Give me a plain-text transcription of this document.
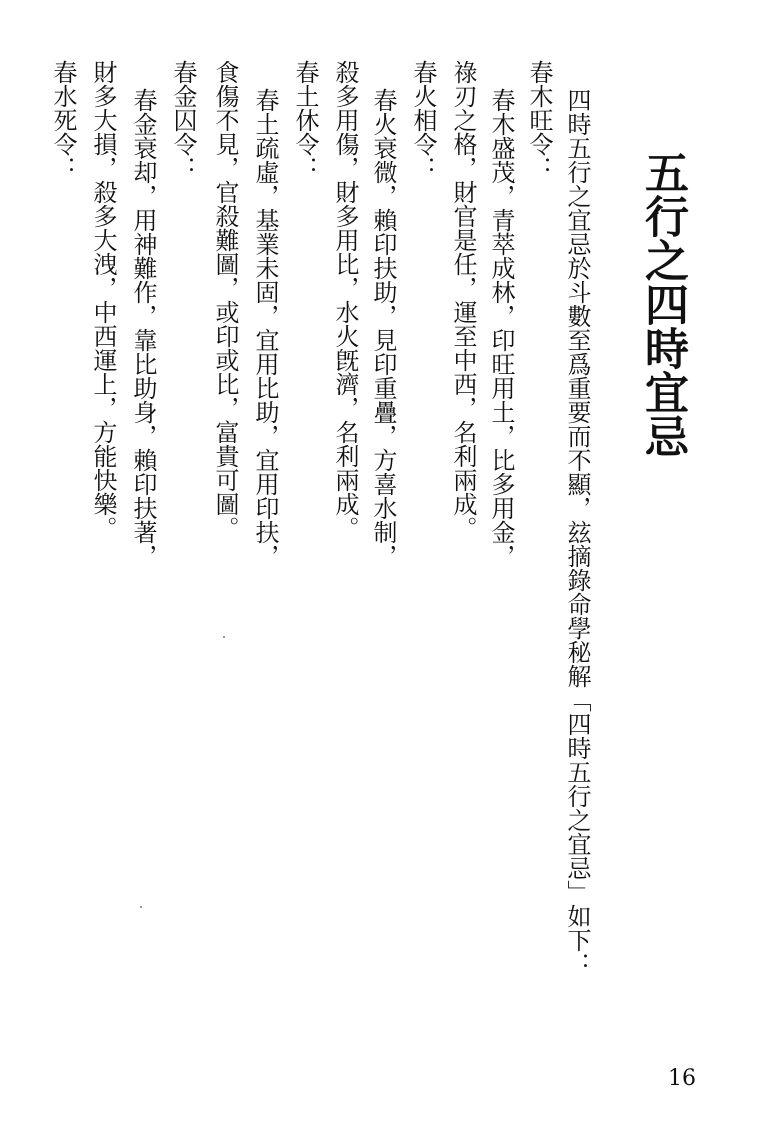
五行之四時宜忌
四時五行之宜忌於斗數至爲重要而不顯，玆摘錄命學秘解「四時五行之宜忌」如下：
春木旺令：
春木盛茂，青萃成林，印旺用土，比多用金，
祿刃之格，財官是任，運至中西，名利兩成。
春火相令：
春火衰微，賴印扶助，見印重疊，方喜水制，
殺多用傷，財多用比，水火旣濟，名利兩成。
春土休令：
春土疏虛，基業未固，宜用比助，宜用印扶，
食傷不見，官殺難圖，或印或比，富貴可圖。
春金囚令：
春金衰却，用神難作，靠比助身，賴印扶著，
財多大損，殺多大洩，中西運上，方能快樂。
春水死令：
16
